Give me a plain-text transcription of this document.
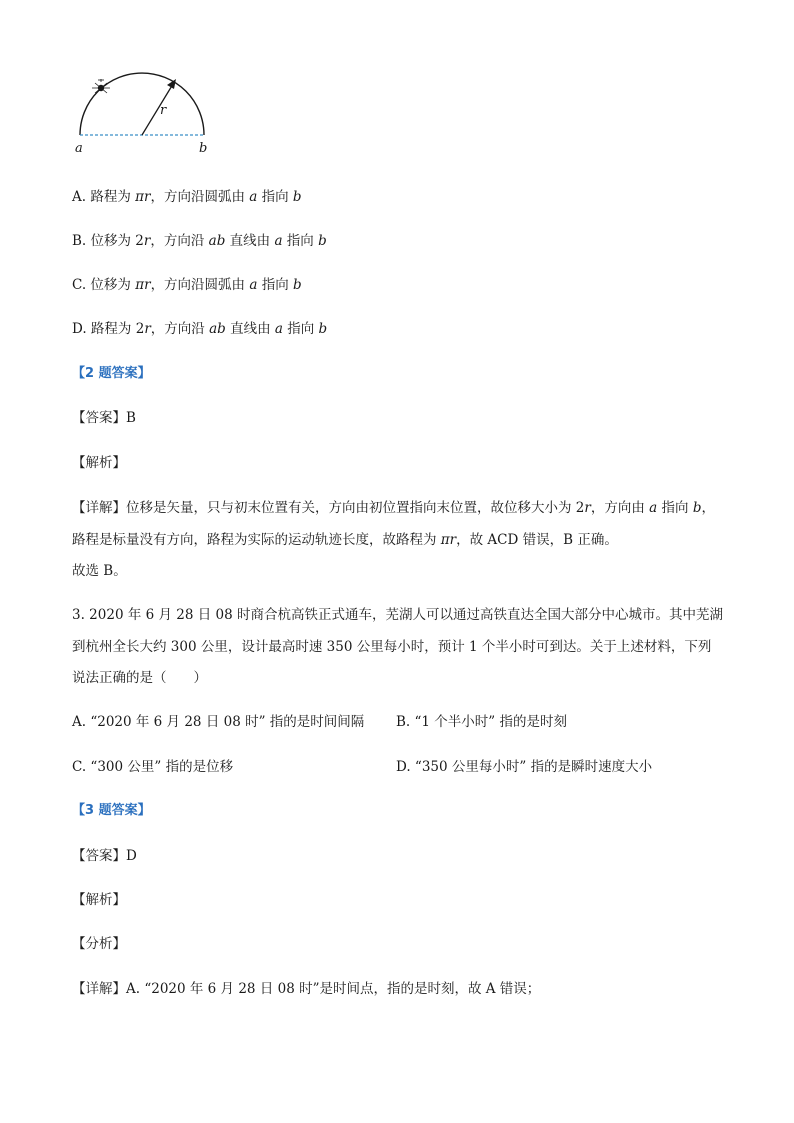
r
a	b
A. 路程为 πr，方向沿圆弧由 a 指向 b
B. 位移为 2r，方向沿 ab 直线由 a 指向 b
C. 位移为 πr，方向沿圆弧由 a 指向 b
D. 路程为 2r，方向沿 ab 直线由 a 指向 b
【2 题答案】
【答案】B
【解析】
【详解】位移是矢量，只与初末位置有关，方向由初位置指向末位置，故位移大小为 2r，方向由 a 指向 b，
路程是标量没有方向，路程为实际的运动轨迹长度，故路程为 πr，故 ACD 错误，B 正确。
故选 B。
3. 2020 年 6 月 28 日 08 时商合杭高铁正式通车，芜湖人可以通过高铁直达全国大部分中心城市。其中芜湖
到杭州全长大约 300 公里，设计最高时速 350 公里每小时，预计 1 个半小时可到达。关于上述材料，下列
说法正确的是（　　）
A. “2020 年 6 月 28 日 08 时” 指的是时间间隔 B. “1 个半小时” 指的是时刻
C. “300 公里” 指的是位移	D. “350 公里每小时” 指的是瞬时速度大小
【3 题答案】
【答案】D
【解析】
【分析】
【详解】A. “2020 年 6 月 28 日 08 时”是时间点，指的是时刻，故 A 错误；
